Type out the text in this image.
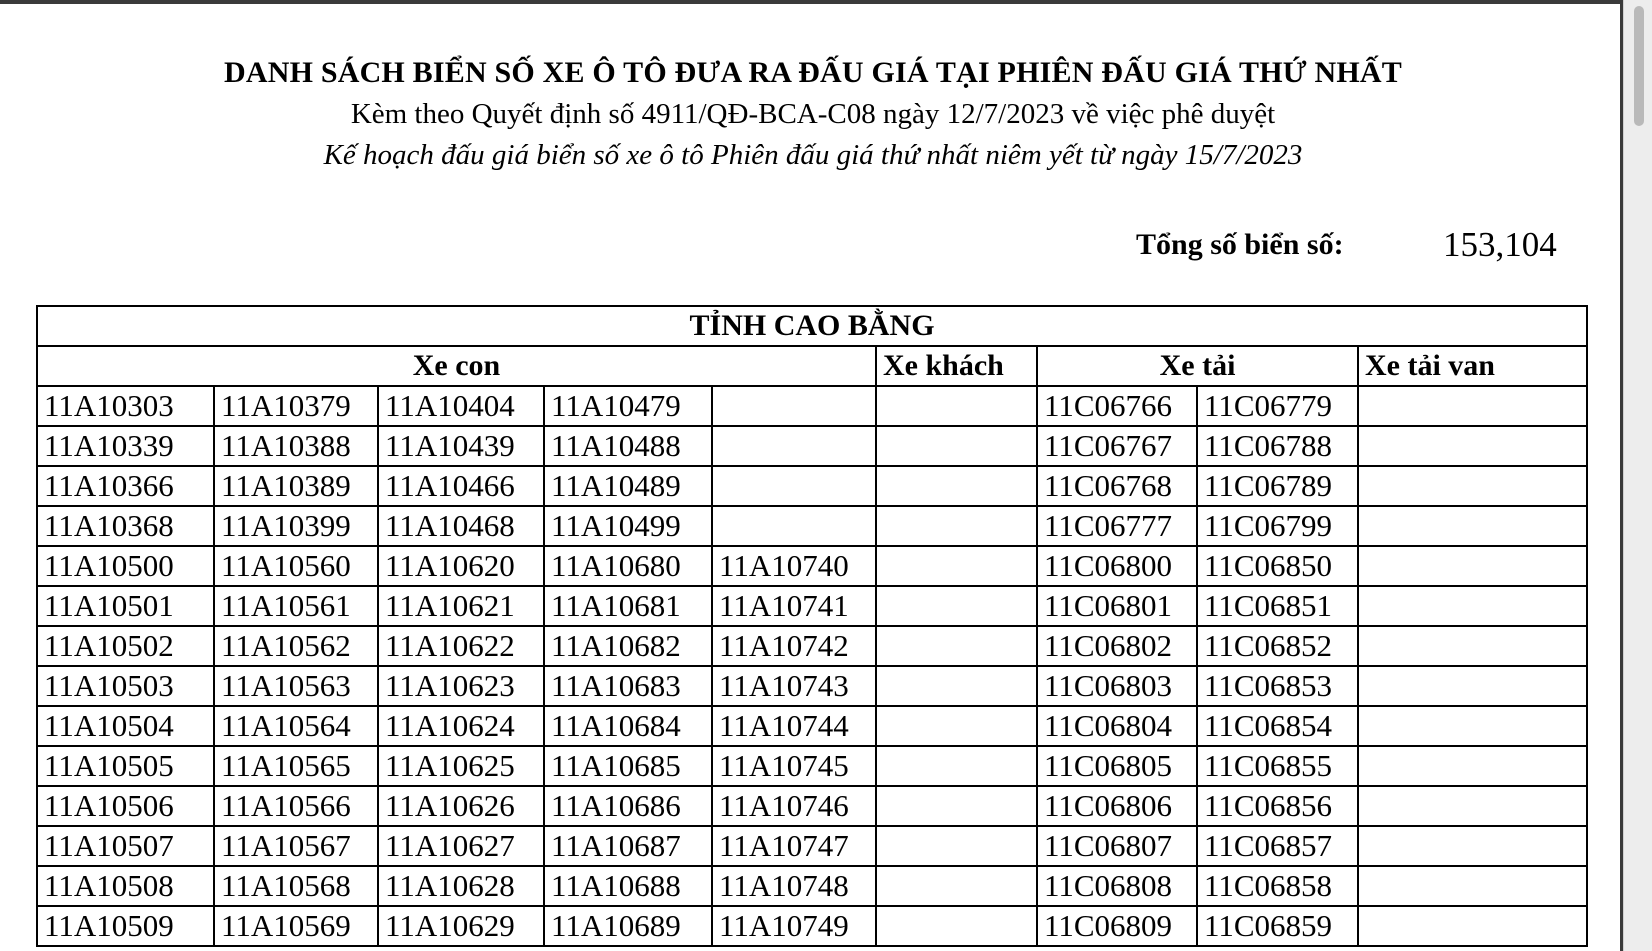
DANH SÁCH BIỂN SỐ XE Ô TÔ ĐƯA RA ĐẤU GIÁ TẠI PHIÊN ĐẤU GIÁ THỨ NHẤT
Kèm theo Quyết định số 4911/QĐ-BCA-C08 ngày 12/7/2023 về việc phê duyệt
Kế hoạch đấu giá biển số xe ô tô Phiên đấu giá thứ nhất niêm yết từ ngày 15/7/2023
Tổng số biển số:	153,104
TỈNH CAO BẰNG								
Xe con					Xe khách	Xe tải		Xe tải van
11A10303	11A10379	11A10404	11A10479			11C06766	11C06779	
11A10339	11A10388	11A10439	11A10488			11C06767	11C06788	
11A10366	11A10389	11A10466	11A10489			11C06768	11C06789	
11A10368	11A10399	11A10468	11A10499			11C06777	11C06799	
11A10500	11A10560	11A10620	11A10680	11A10740		11C06800	11C06850	
11A10501	11A10561	11A10621	11A10681	11A10741		11C06801	11C06851	
11A10502	11A10562	11A10622	11A10682	11A10742		11C06802	11C06852	
11A10503	11A10563	11A10623	11A10683	11A10743		11C06803	11C06853	
11A10504	11A10564	11A10624	11A10684	11A10744		11C06804	11C06854	
11A10505	11A10565	11A10625	11A10685	11A10745		11C06805	11C06855	
11A10506	11A10566	11A10626	11A10686	11A10746		11C06806	11C06856	
11A10507	11A10567	11A10627	11A10687	11A10747		11C06807	11C06857	
11A10508	11A10568	11A10628	11A10688	11A10748		11C06808	11C06858	
11A10509	11A10569	11A10629	11A10689	11A10749		11C06809	11C06859	
